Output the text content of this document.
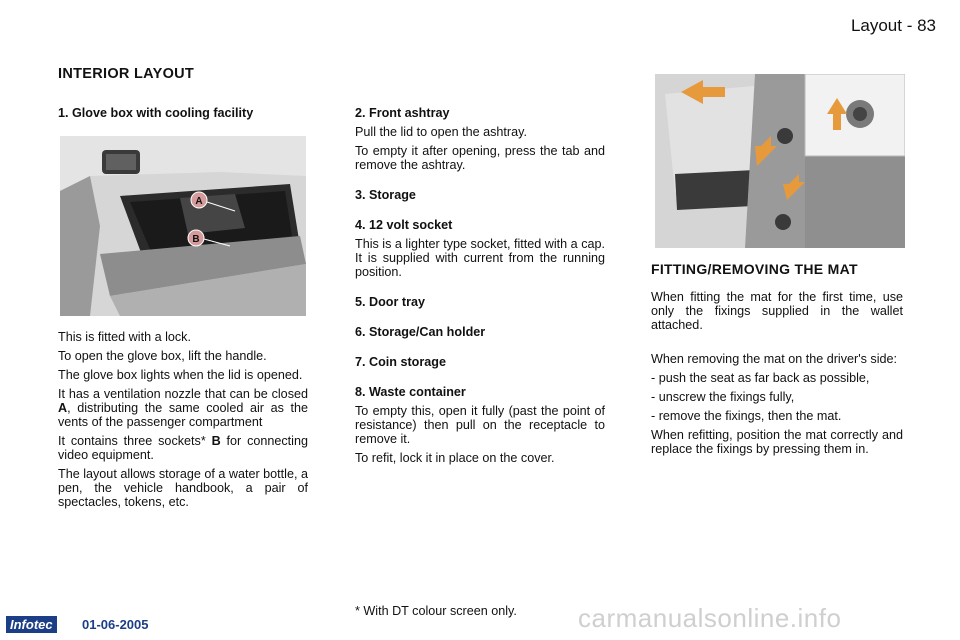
Layout - 83
INTERIOR LAYOUT
1. Glove box with cooling facility
A
B

This is fitted with a lock.

To open the glove box, lift the handle.

The glove box lights when the lid is opened.

It has a ventilation nozzle that can be closed A, distributing the same cooled air as the vents of the passenger compartment

It contains three sockets* B for connecting video equipment.

The layout allows storage of a water bottle, a pen, the vehicle handbook, a pair of spectacles, tokens, etc.

2. Front ashtray

Pull the lid to open the ashtray.

To empty it after opening, press the tab and remove the ashtray.

3. Storage
4. 12 volt socket

This is a lighter type socket, fitted with a cap. It is supplied with current from the running position.

5. Door tray
6. Storage/Can holder
7. Coin storage
8. Waste container

To empty this, open it fully (past the point of resistance) then pull on the receptacle to remove it.

To refit, lock it in place on the cover.

FITTING/REMOVING THE MAT

When fitting the mat for the first time, use only the fixings supplied in the wallet attached.

When removing the mat on the driver's side:

- push the seat as far back as possible,

- unscrew the fixings fully,

- remove the fixings, then the mat.

When refitting, position the mat correctly and replace the fixings by pressing them in.

* With DT colour screen only.
Infotec	01-06-2005	carmanualsonline.info
